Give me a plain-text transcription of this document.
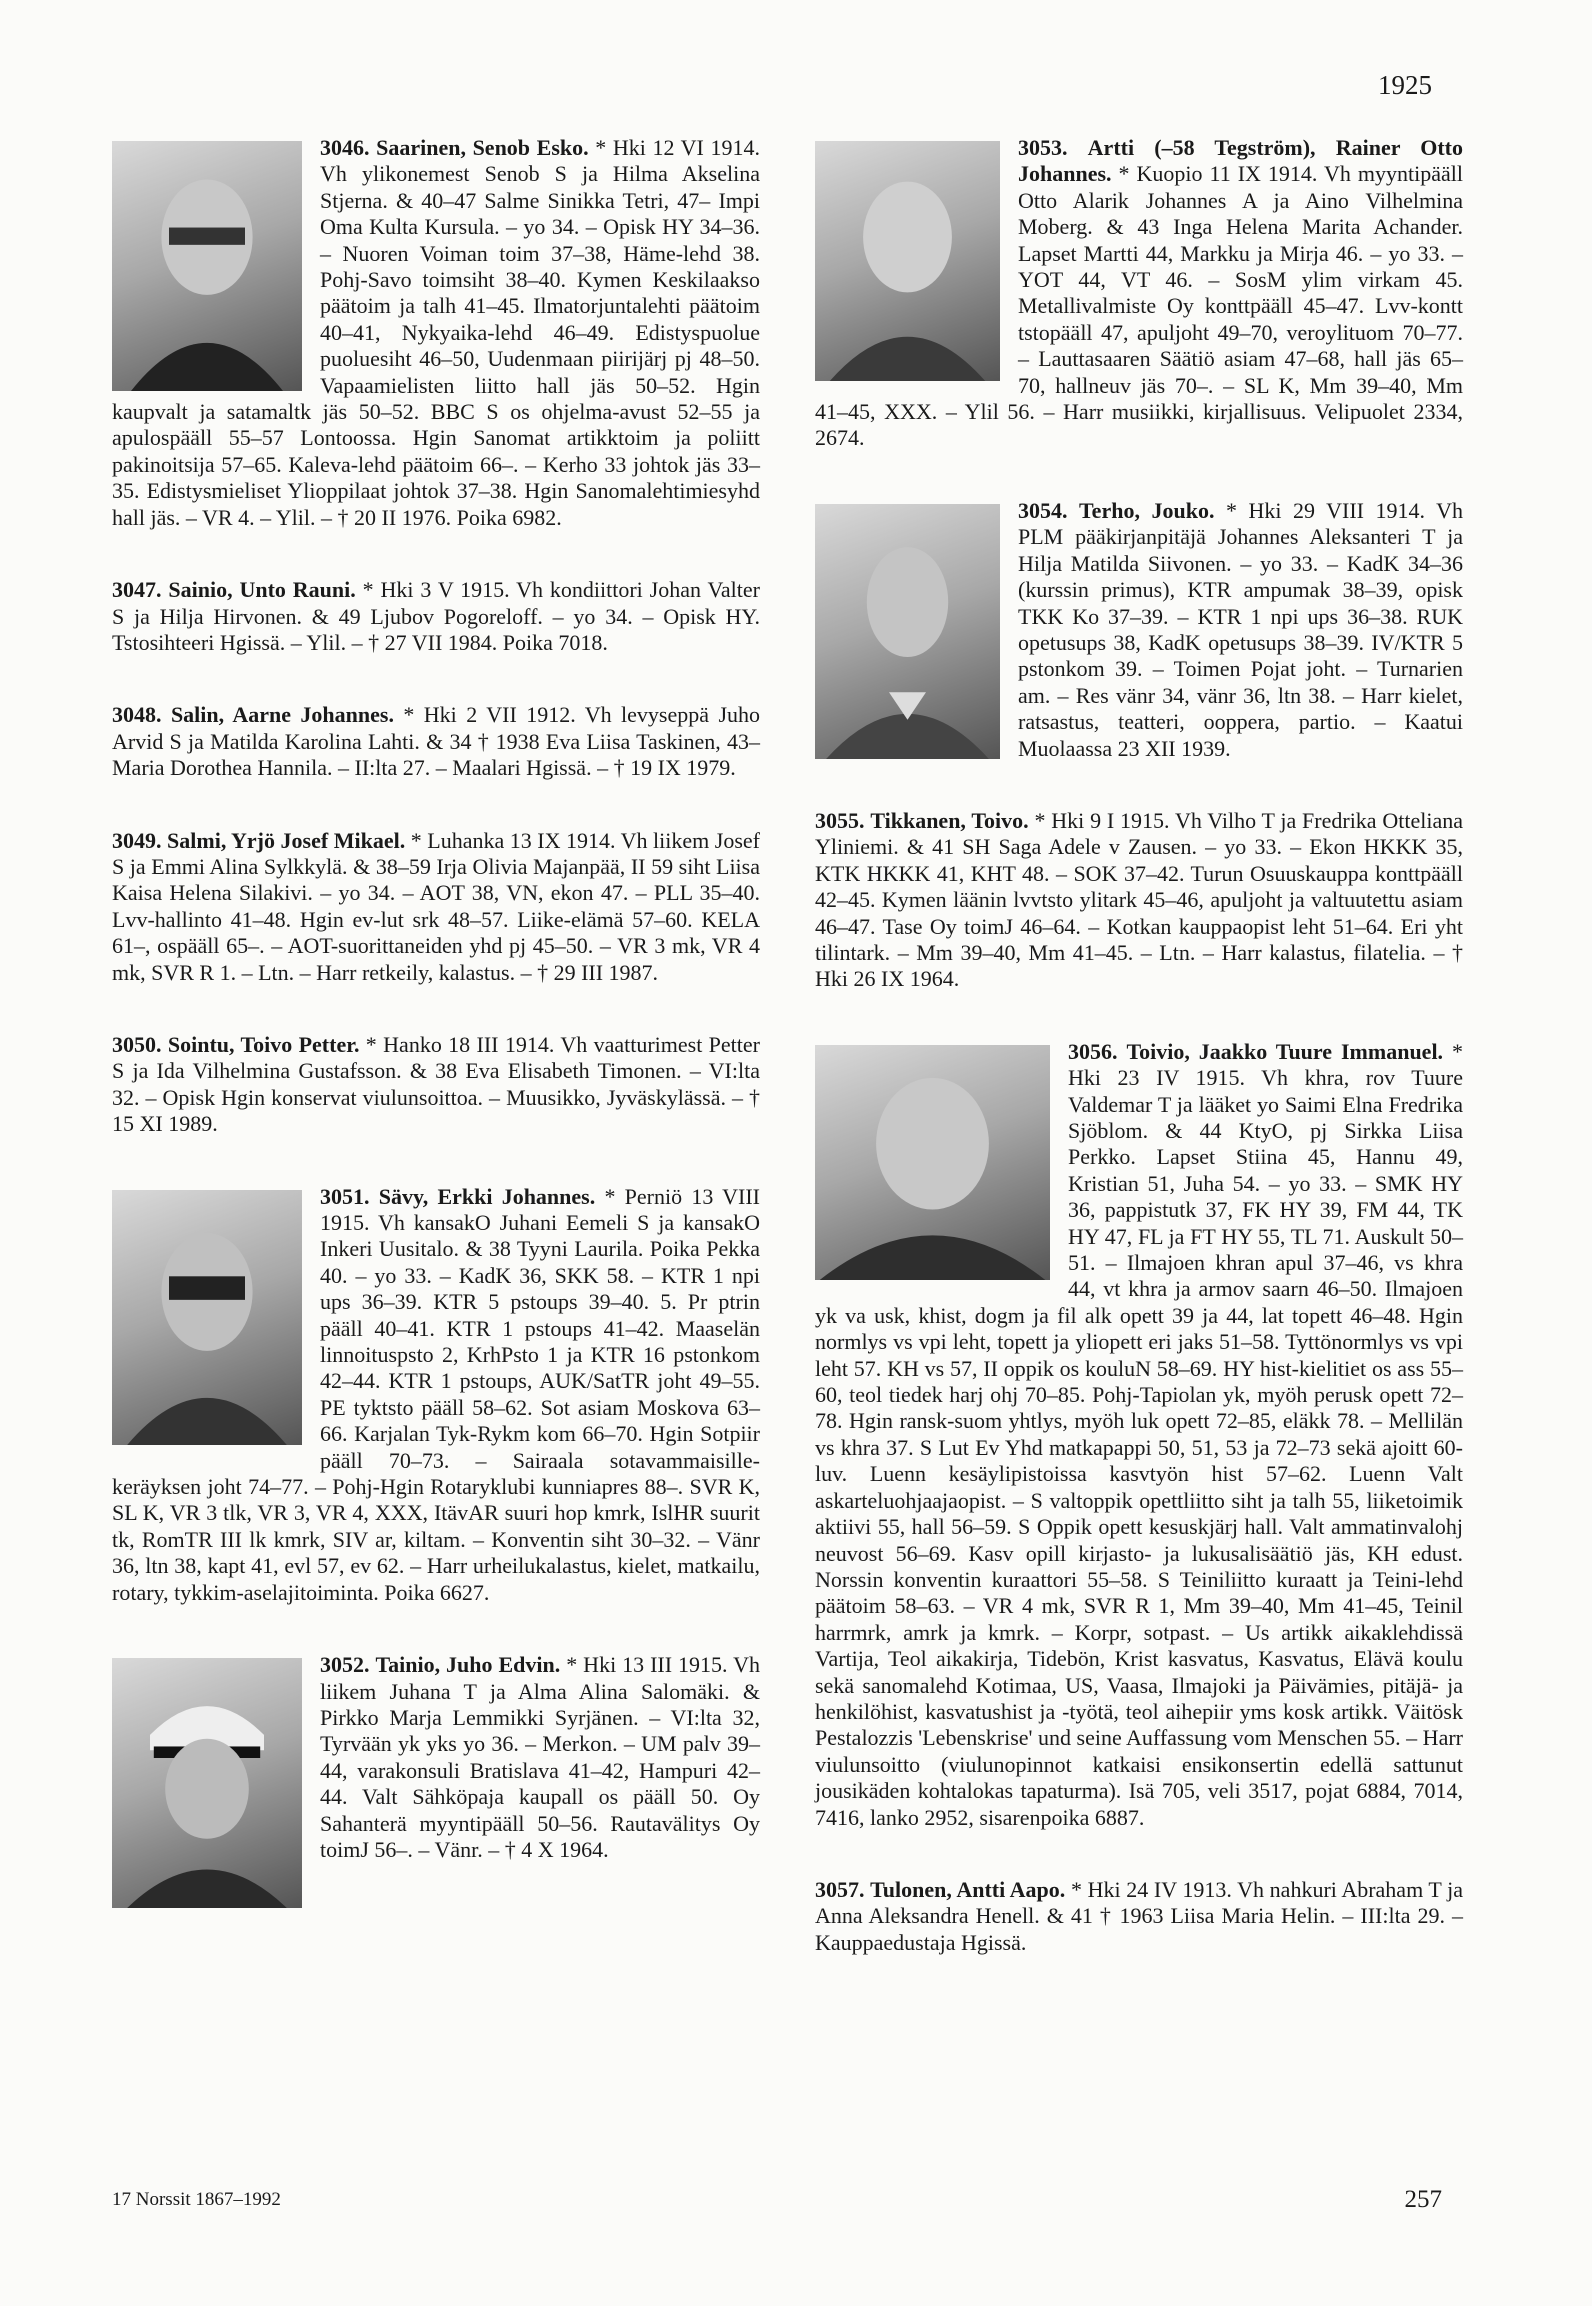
1925

3046. Saarinen, Senob Esko. * Hki 12 VI 1914. Vh ylikonemest Senob S ja Hilma Akselina Stjerna. & 40–47 Salme Sinikka Tetri, 47– Impi Oma Kulta Kursula. – yo 34. – Opisk HY 34–36. – Nuoren Voiman toim 37–38, Häme-lehd 38. Pohj-Savo toimsiht 38–40. Kymen Keskilaakso päätoim ja talh 41–45. Ilmatorjuntalehti päätoim 40–41, Nykyaika-lehd 46–49. Edistyspuolue puoluesiht 46–50, Uudenmaan piirijärj pj 48–50. Vapaamielisten liitto hall jäs 50–52. Hgin kaupvalt ja satamaltk jäs 50–52. BBC S os ohjelma-avust 52–55 ja apulospääll 55–57 Lontoossa. Hgin Sanomat artikktoim ja poliitt pakinoitsija 57–65. Kaleva-lehd päätoim 66–. – Kerho 33 johtok jäs 33–35. Edistysmieliset Ylioppilaat johtok 37–38. Hgin Sanomalehtimiesyhd hall jäs. – VR 4. – Ylil. – † 20 II 1976. Poika 6982.

3047. Sainio, Unto Rauni. * Hki 3 V 1915. Vh kondiittori Johan Valter S ja Hilja Hirvonen. & 49 Ljubov Pogoreloff. – yo 34. – Opisk HY. Tstosihteeri Hgissä. – Ylil. – † 27 VII 1984. Poika 7018.

3048. Salin, Aarne Johannes. * Hki 2 VII 1912. Vh levyseppä Juho Arvid S ja Matilda Karolina Lahti. & 34 † 1938 Eva Liisa Taskinen, 43– Maria Dorothea Hannila. – II:lta 27. – Maalari Hgissä. – † 19 IX 1979.

3049. Salmi, Yrjö Josef Mikael. * Luhanka 13 IX 1914. Vh liikem Josef S ja Emmi Alina Sylkkylä. & 38–59 Irja Olivia Majanpää, II 59 siht Liisa Kaisa Helena Silakivi. – yo 34. – AOT 38, VN, ekon 47. – PLL 35–40. Lvv-hallinto 41–48. Hgin ev-lut srk 48–57. Liike-elämä 57–60. KELA 61–, ospääll 65–. – AOT-suorittaneiden yhd pj 45–50. – VR 3 mk, VR 4 mk, SVR R 1. – Ltn. – Harr retkeily, kalastus. – † 29 III 1987.

3050. Sointu, Toivo Petter. * Hanko 18 III 1914. Vh vaatturimest Petter S ja Ida Vilhelmina Gustafsson. & 38 Eva Elisabeth Timonen. – VI:lta 32. – Opisk Hgin konservat viulunsoittoa. – Muusikko, Jyväskylässä. – † 15 XI 1989.

3051. Sävy, Erkki Johannes. * Perniö 13 VIII 1915. Vh kansakO Juhani Eemeli S ja kansakO Inkeri Uusitalo. & 38 Tyyni Laurila. Poika Pekka 40. – yo 33. – KadK 36, SKK 58. – KTR 1 npi ups 36–39. KTR 5 pstoups 39–40. 5. Pr ptrin pääll 40–41. KTR 1 pstoups 41–42. Maaselän linnoituspsto 2, KrhPsto 1 ja KTR 16 pstonkom 42–44. KTR 1 pstoups, AUK/SatTR joht 49–55. PE tyktsto pääll 58–62. Sot asiam Moskova 63–66. Karjalan Tyk-Rykm kom 66–70. Hgin Sotpiir pääll 70–73. – Sairaala sotavammaisille-keräyksen joht 74–77. – Pohj-Hgin Rotaryklubi kunniapres 88–. SVR K, SL K, VR 3 tlk, VR 3, VR 4, XXX, ItävAR suuri hop kmrk, IslHR suurit tk, RomTR III lk kmrk, SIV ar, kiltam. – Konventin siht 30–32. – Vänr 36, ltn 38, kapt 41, evl 57, ev 62. – Harr urheilukalastus, kielet, matkailu, rotary, tykkim-aselajitoiminta. Poika 6627.

3052. Tainio, Juho Edvin. * Hki 13 III 1915. Vh liikem Juhana T ja Alma Alina Salomäki. & Pirkko Marja Lemmikki Syrjänen. – VI:lta 32, Tyrvään yk yks yo 36. – Merkon. – UM palv 39–44, varakonsuli Bratislava 41–42, Hampuri 42–44. Valt Sähköpaja kaupall os pääll 50. Oy Sahanterä myyntipääll 50–56. Rautavälitys Oy toimJ 56–. – Vänr. – † 4 X 1964.

3053. Artti (–58 Tegström), Rainer Otto Johannes. * Kuopio 11 IX 1914. Vh myyntipääll Otto Alarik Johannes A ja Aino Vilhelmina Moberg. & 43 Inga Helena Marita Achander. Lapset Martti 44, Markku ja Mirja 46. – yo 33. – YOT 44, VT 46. – SosM ylim virkam 45. Metallivalmiste Oy konttpääll 45–47. Lvv-kontt tstopääll 47, apuljoht 49–70, veroylituom 70–77. – Lauttasaaren Säätiö asiam 47–68, hall jäs 65–70, hallneuv jäs 70–. – SL K, Mm 39–40, Mm 41–45, XXX. – Ylil 56. – Harr musiikki, kirjallisuus. Velipuolet 2334, 2674.

3054. Terho, Jouko. * Hki 29 VIII 1914. Vh PLM pääkirjanpitäjä Johannes Aleksanteri T ja Hilja Matilda Siivonen. – yo 33. – KadK 34–36 (kurssin primus), KTR ampumak 38–39, opisk TKK Ko 37–39. – KTR 1 npi ups 36–38. RUK opetusups 38, KadK opetusups 38–39. IV/KTR 5 pstonkom 39. – Toimen Pojat joht. – Turnarien am. – Res vänr 34, vänr 36, ltn 38. – Harr kielet, ratsastus, teatteri, ooppera, partio. – Kaatui Muolaassa 23 XII 1939.

3055. Tikkanen, Toivo. * Hki 9 I 1915. Vh Vilho T ja Fredrika Otteliana Yliniemi. & 41 SH Saga Adele v Zausen. – yo 33. – Ekon HKKK 35, KTK HKKK 41, KHT 48. – SOK 37–42. Turun Osuuskauppa konttpääll 42–45. Kymen läänin lvvtsto ylitark 45–46, apuljoht ja valtuutettu asiam 46–47. Tase Oy toimJ 46–64. – Kotkan kauppaopist leht 51–64. Eri yht tilintark. – Mm 39–40, Mm 41–45. – Ltn. – Harr kalastus, filatelia. – † Hki 26 IX 1964.

3056. Toivio, Jaakko Tuure Immanuel. * Hki 23 IV 1915. Vh khra, rov Tuure Valdemar T ja lääket yo Saimi Elna Fredrika Sjöblom. & 44 KtyO, pj Sirkka Liisa Perkko. Lapset Stiina 45, Hannu 49, Kristian 51, Juha 54. – yo 33. – SMK HY 36, pappistutk 37, FK HY 39, FM 44, TK HY 47, FL ja FT HY 55, TL 71. Auskult 50–51. – Ilmajoen khran apul 37–46, vs khra 44, vt khra ja armov saarn 46–50. Ilmajoen yk va usk, khist, dogm ja fil alk opett 39 ja 44, lat topett 46–48. Hgin normlys vs vpi leht, topett ja yliopett eri jaks 51–58. Tyttönormlys vs vpi leht 57. KH vs 57, II oppik os kouluN 58–69. HY hist-kielitiet os ass 55–60, teol tiedek harj ohj 70–85. Pohj-Tapiolan yk, myöh perusk opett 72–78. Hgin ransk-suom yhtlys, myöh luk opett 72–85, eläkk 78. – Mellilän vs khra 37. S Lut Ev Yhd matkapappi 50, 51, 53 ja 72–73 sekä ajoitt 60-luv. Luenn kesäylipistoissa kasvtyön hist 57–62. Luenn Valt askarteluohjaajaopist. – S valtoppik opettliitto siht ja talh 55, liiketoimik aktiivi 55, hall 56–59. S Oppik opett kesuskjärj hall. Valt ammatinvalohj neuvost 56–69. Kasv opill kirjasto- ja lukusalisäätiö jäs, KH edust. Norssin konventin kuraattori 55–58. S Teiniliitto kuraatt ja Teini-lehd päätoim 58–63. – VR 4 mk, SVR R 1, Mm 39–40, Mm 41–45, Teinil harrmrk, amrk ja kmrk. – Korpr, sotpast. – Us artikk aikaklehdissä Vartija, Teol aikakirja, Tidebön, Krist kasvatus, Kasvatus, Elävä koulu sekä sanomalehd Kotimaa, US, Vaasa, Ilmajoki ja Päivämies, pitäjä- ja henkilöhist, kasvatushist ja -työtä, teol aihepiir yms kosk artikk. Väitösk Pestalozzis 'Lebenskrise' und seine Auffassung vom Menschen 55. – Harr viulunsoitto (viulunopinnot katkaisi ensikonsertin edellä sattunut jousikäden kohtalokas tapaturma). Isä 705, veli 3517, pojat 6884, 7014, 7416, lanko 2952, sisarenpoika 6887.

3057. Tulonen, Antti Aapo. * Hki 24 IV 1913. Vh nahkuri Abraham T ja Anna Aleksandra Henell. & 41 † 1963 Liisa Maria Helin. – III:lta 29. – Kauppaedustaja Hgissä.

17 Norssit 1867–1992	257
